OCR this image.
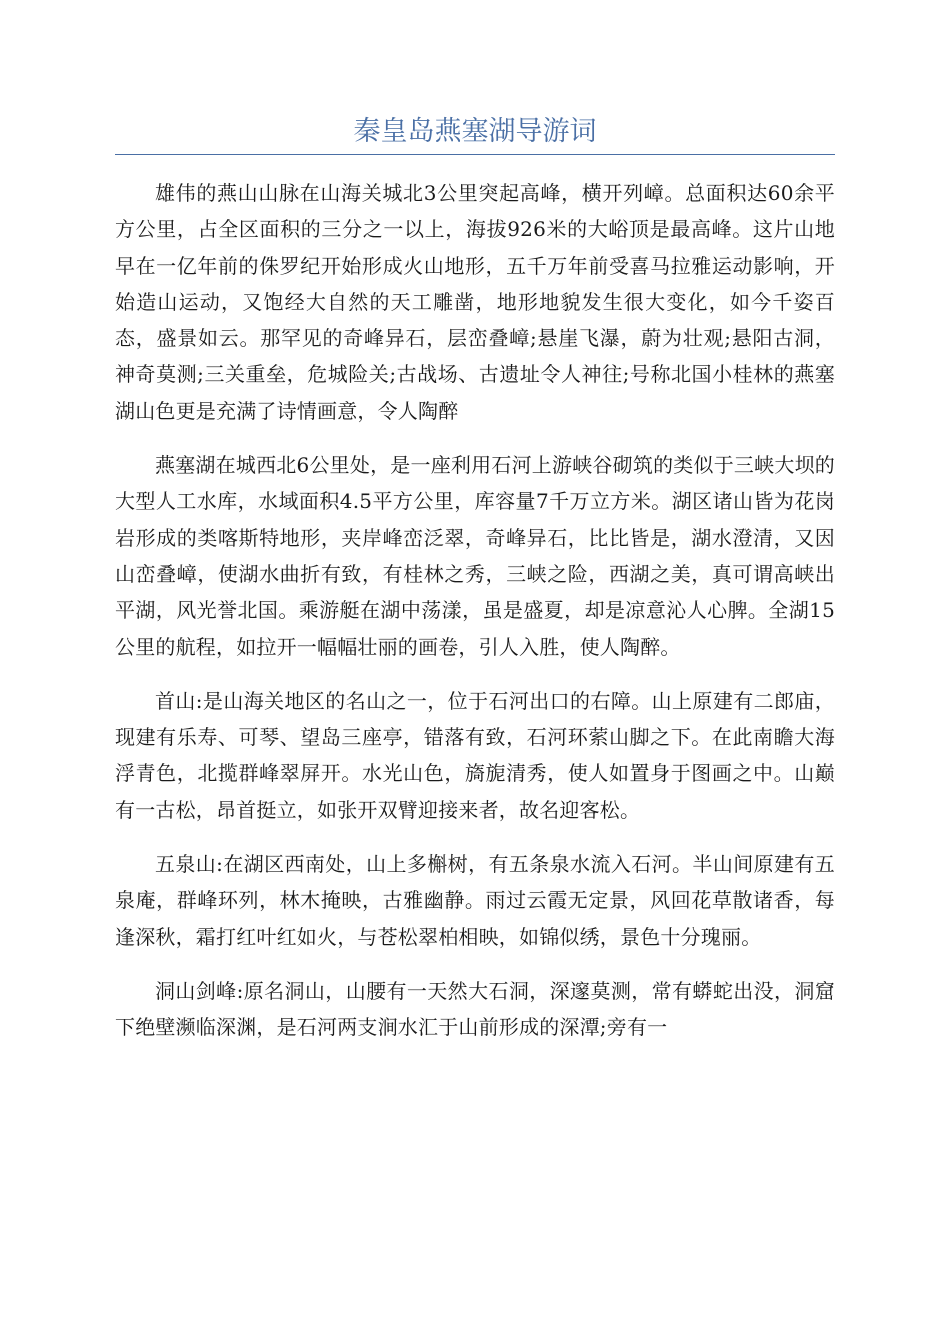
秦皇岛燕塞湖导游词

雄伟的燕山山脉在山海关城北3公里突起高峰，横开列嶂。总面积达60余平方公里，占全区面积的三分之一以上，海拔926米的大峪顶是最高峰。这片山地早在一亿年前的侏罗纪开始形成火山地形，五千万年前受喜马拉雅运动影响，开始造山运动，又饱经大自然的天工雕凿，地形地貌发生很大变化，如今千姿百态，盛景如云。那罕见的奇峰异石，层峦叠嶂;悬崖飞瀑，蔚为壮观;悬阳古洞，神奇莫测;三关重垒，危城险关;古战场、古遗址令人神往;号称北国小桂林的燕塞湖山色更是充满了诗情画意，令人陶醉

燕塞湖在城西北6公里处，是一座利用石河上游峡谷砌筑的类似于三峡大坝的大型人工水库，水域面积4.5平方公里，库容量7千万立方米。湖区诸山皆为花岗岩形成的类喀斯特地形，夹岸峰峦泛翠，奇峰异石，比比皆是，湖水澄清，又因山峦叠嶂，使湖水曲折有致，有桂林之秀，三峡之险，西湖之美，真可谓高峡出平湖，风光誉北国。乘游艇在湖中荡漾，虽是盛夏，却是凉意沁人心脾。全湖15公里的航程，如拉开一幅幅壮丽的画卷，引人入胜，使人陶醉。

首山:是山海关地区的名山之一，位于石河出口的右障。山上原建有二郎庙，现建有乐寿、可琴、望岛三座亭，错落有致，石河环萦山脚之下。在此南瞻大海浮青色，北揽群峰翠屏开。水光山色，旖旎清秀，使人如置身于图画之中。山巅有一古松，昂首挺立，如张开双臂迎接来者，故名迎客松。

五泉山:在湖区西南处，山上多槲树，有五条泉水流入石河。半山间原建有五泉庵，群峰环列，林木掩映，古雅幽静。雨过云霞无定景，风回花草散诸香，每逢深秋，霜打红叶红如火，与苍松翠柏相映，如锦似绣，景色十分瑰丽。

洞山剑峰:原名洞山，山腰有一天然大石洞，深邃莫测，常有蟒蛇出没，洞窟下绝壁濒临深渊，是石河两支涧水汇于山前形成的深潭;旁有一
